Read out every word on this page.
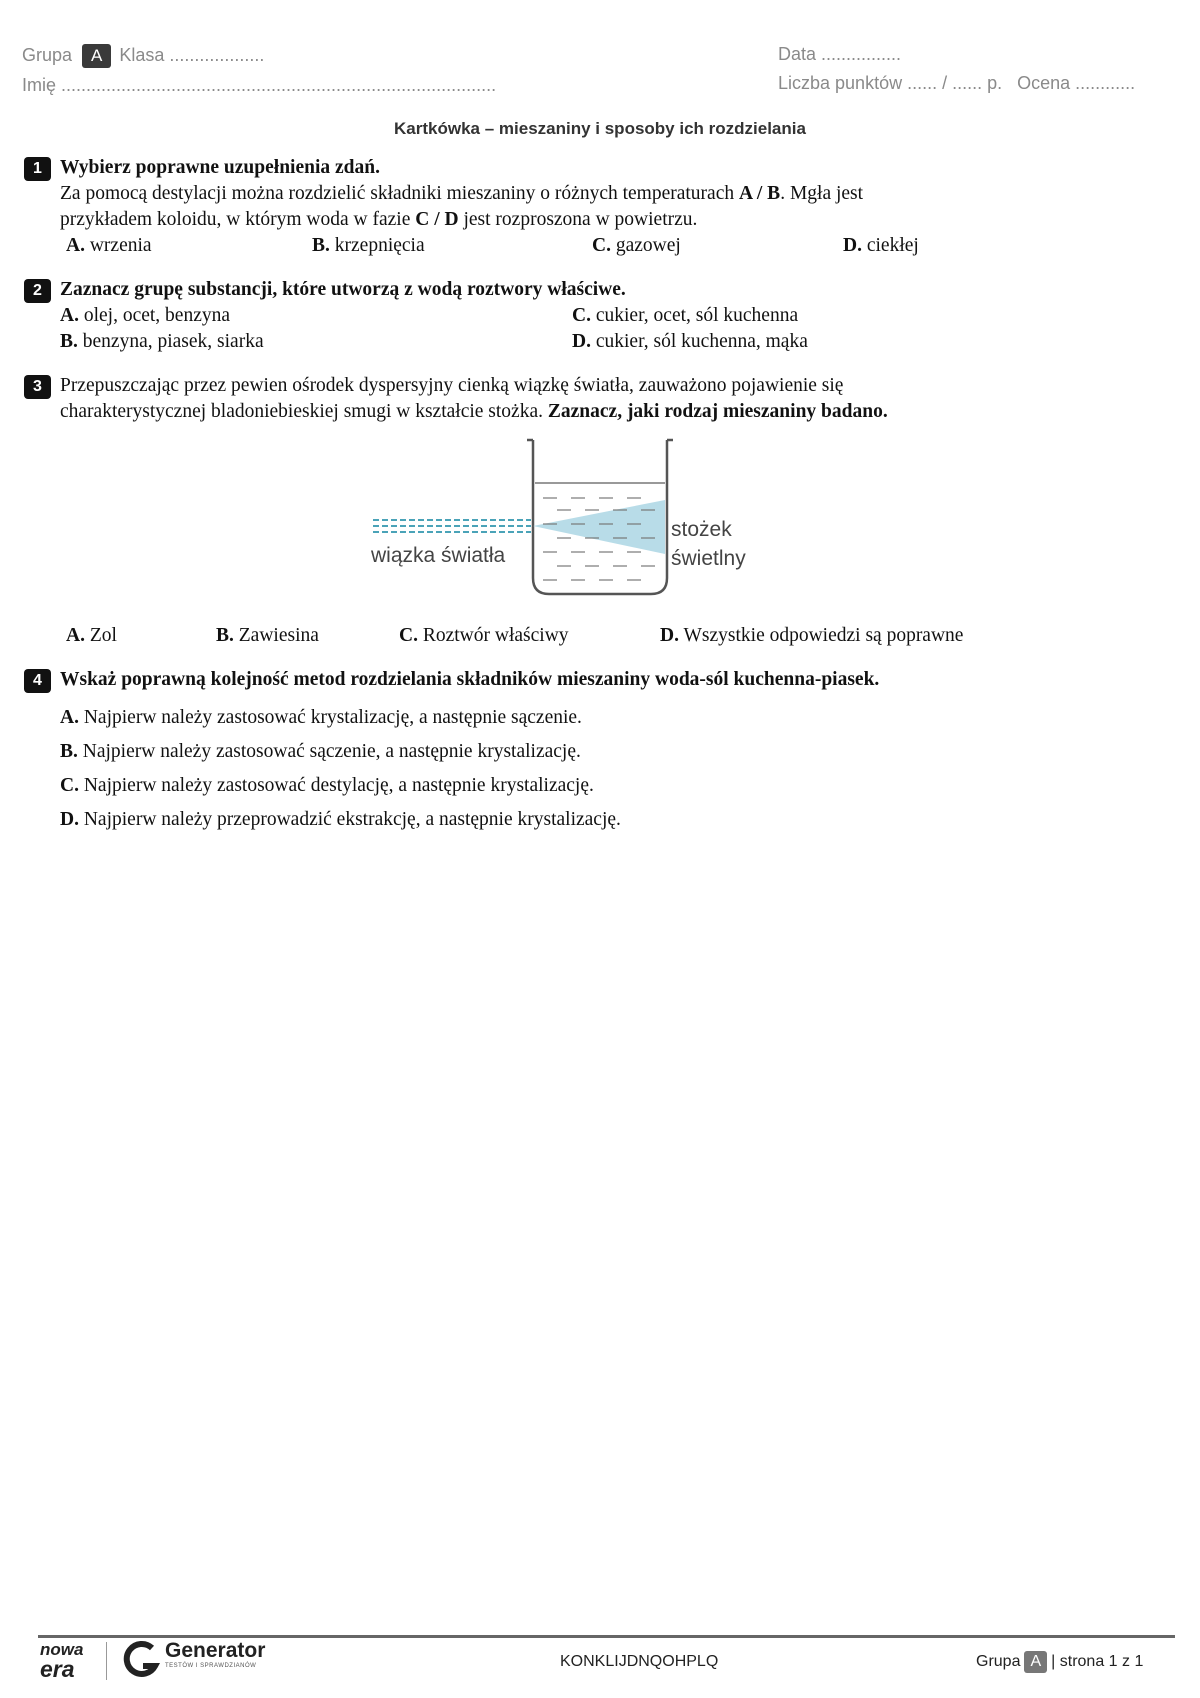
Grupa A Klasa ...................	Data ................
Imię .......................................................................................	Liczba punktów ...... / ...... p. Ocena ............
Kartkówka – mieszaniny i sposoby ich rozdzielania
1 Wybierz poprawne uzupełnienia zdań.
Za pomocą destylacji można rozdzielić składniki mieszaniny o różnych temperaturach A / B. Mgła jest
przykładem koloidu, w którym woda w fazie C / D jest rozproszona w powietrzu.
A. wrzenia	B. krzepnięcia	C. gazowej	D. ciekłej
2 Zaznacz grupę substancji, które utworzą z wodą roztwory właściwe.
A. olej, ocet, benzyna	C. cukier, ocet, sól kuchenna
B. benzyna, piasek, siarka	D. cukier, sól kuchenna, mąka
3 Przepuszczając przez pewien ośrodek dyspersyjny cienką wiązkę światła, zauważono pojawienie się
charakterystycznej bladoniebieskiej smugi w kształcie stożka. Zaznacz, jaki rodzaj mieszaniny badano.
wiązka światła
stożek
świetlny
A. Zol	B. Zawiesina	C. Roztwór właściwy	D. Wszystkie odpowiedzi są poprawne
4 Wskaż poprawną kolejność metod rozdzielania składników mieszaniny woda-sól kuchenna-piasek.
A. Najpierw należy zastosować krystalizację, a następnie sączenie.
B. Najpierw należy zastosować sączenie, a następnie krystalizację.
C. Najpierw należy zastosować destylację, a następnie krystalizację.
D. Najpierw należy przeprowadzić ekstrakcję, a następnie krystalizację.
nowa
era
Generator
TESTÓW I SPRAWDZIANÓW	KONKLIJDNQOHPLQ	Grupa A | strona 1 z 1
